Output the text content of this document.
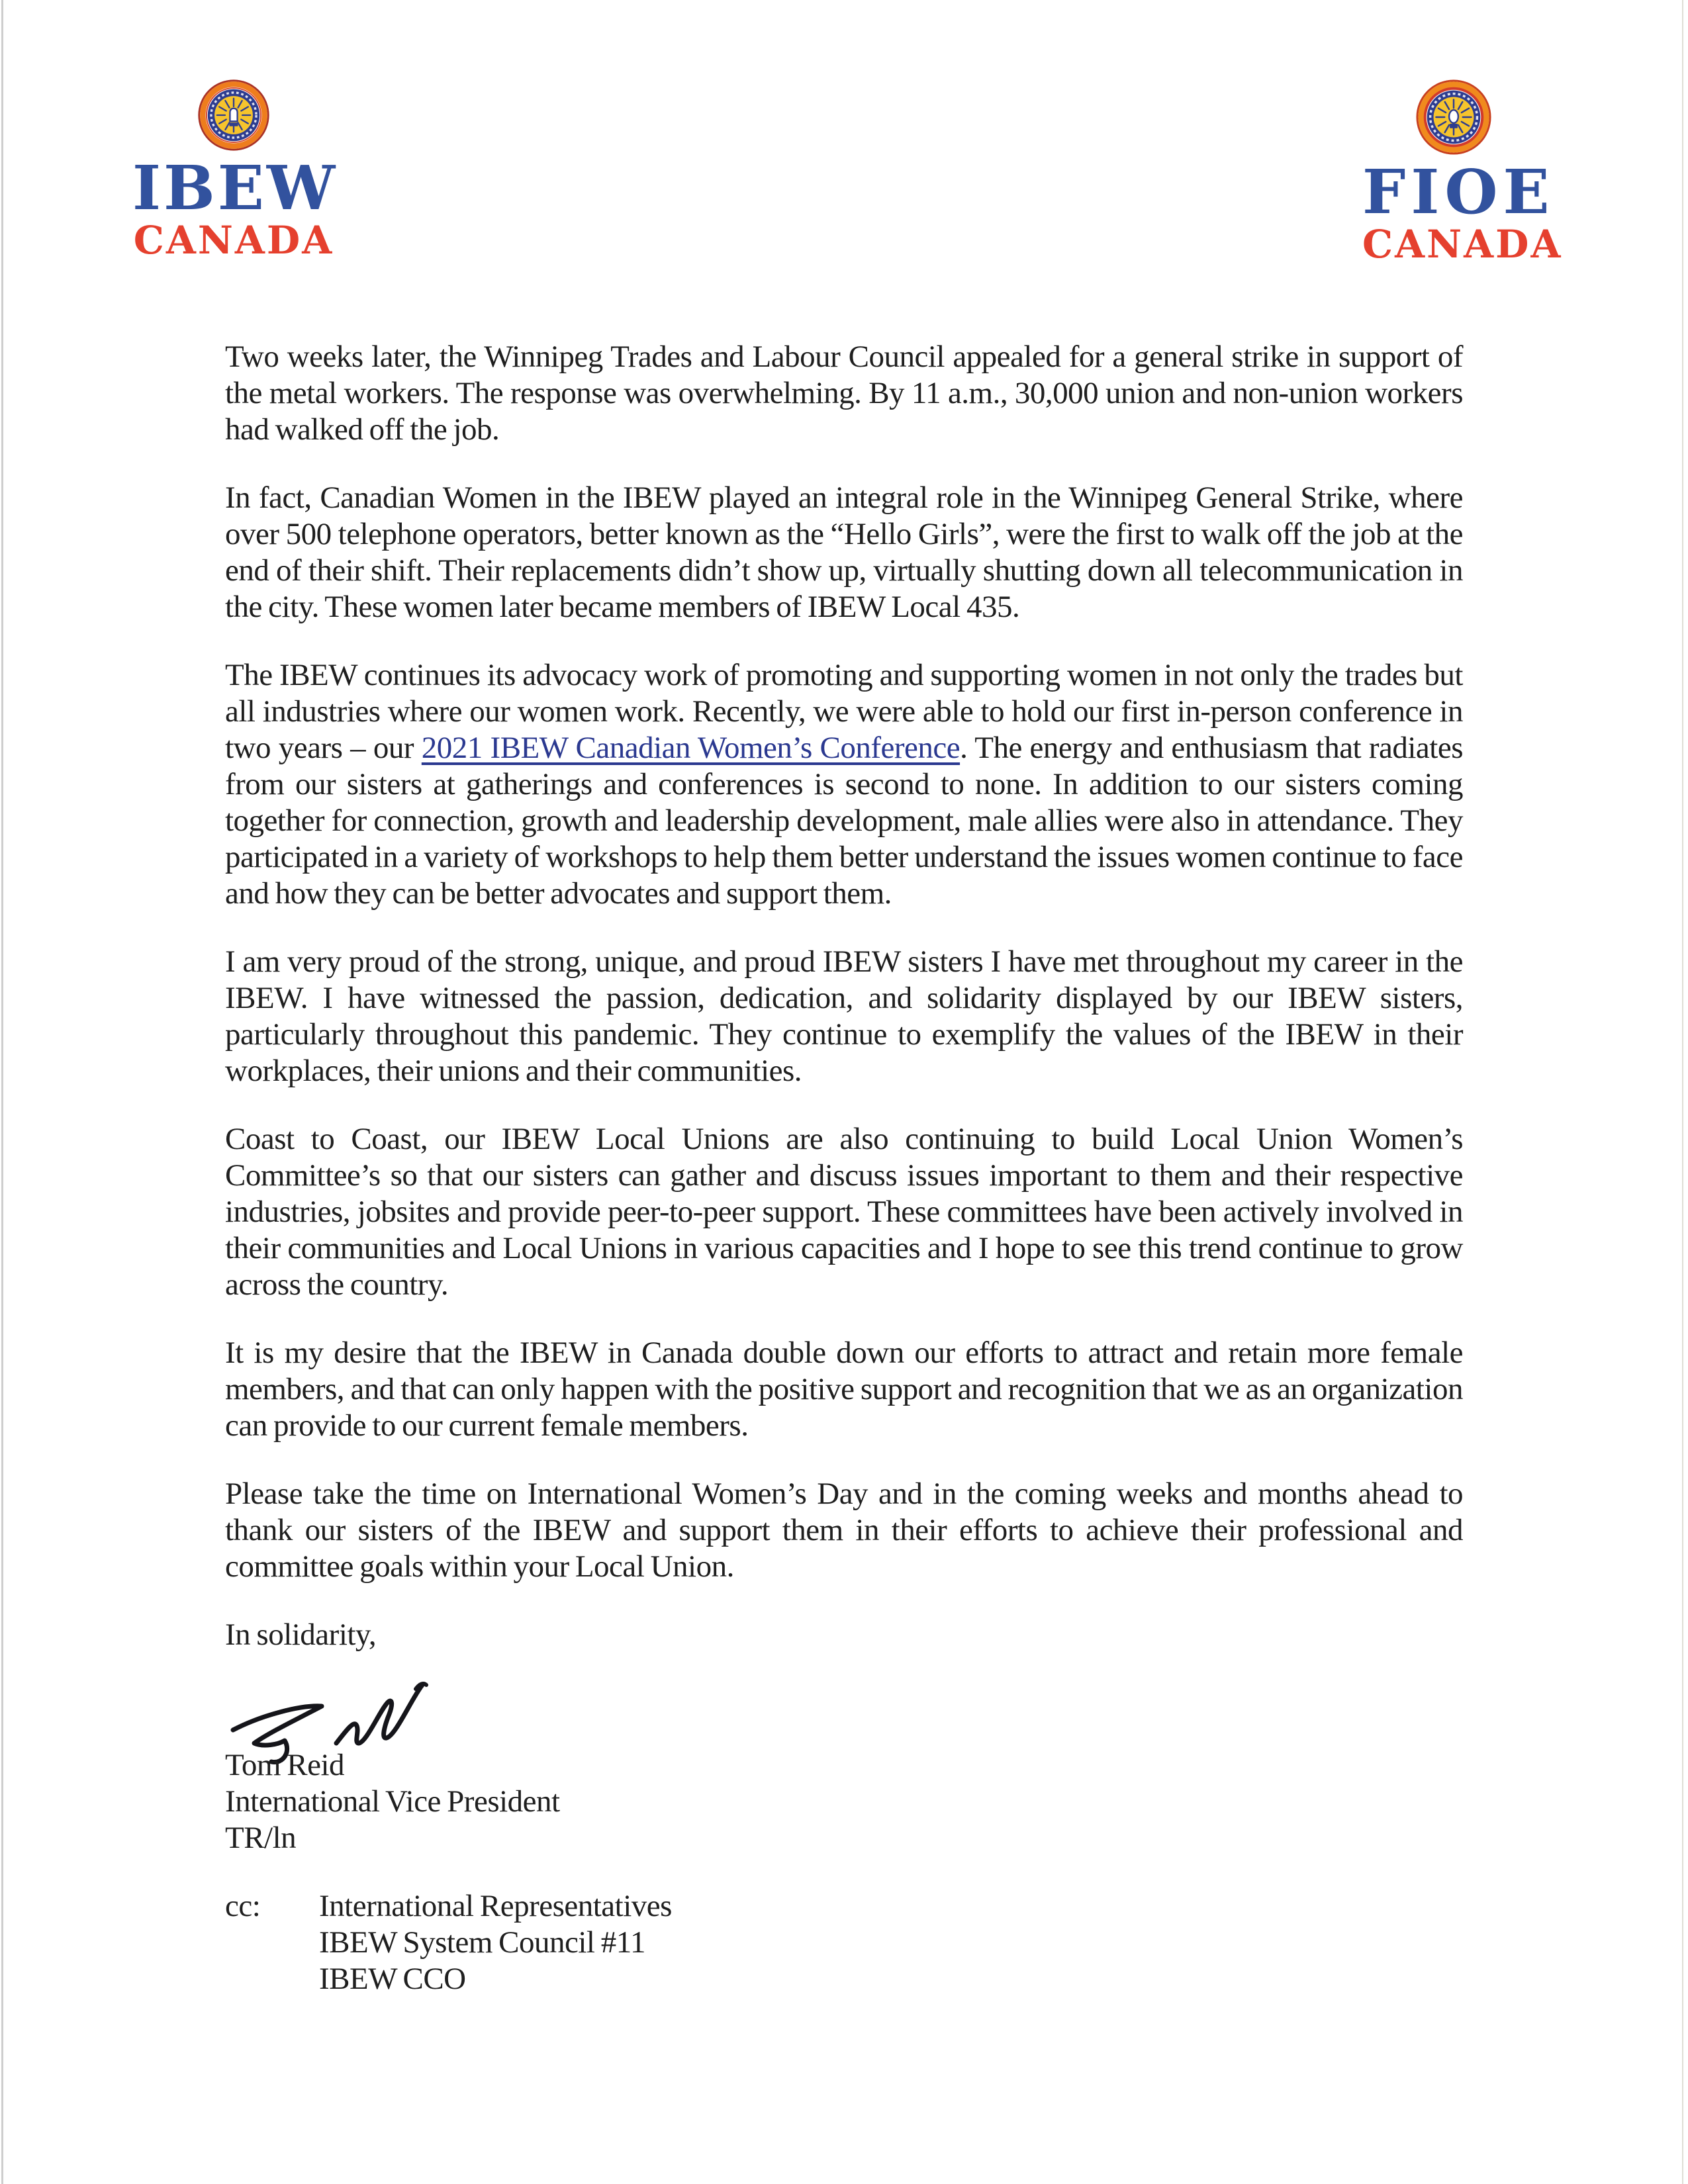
IBEW
CANADA
FIOE
CANADA

Two weeks later, the Winnipeg Trades and Labour Council appealed for a general strike in support of the metal workers. The response was overwhelming. By 11 a.m., 30,000 union and non-union workers had walked off the job.

In fact, Canadian Women in the IBEW played an integral role in the Winnipeg General Strike, where over 500 telephone operators, better known as the “Hello Girls”, were the first to walk off the job at the end of their shift. Their replacements didn’t show up, virtually shutting down all telecommunication in the city. These women later became members of IBEW Local 435.

The IBEW continues its advocacy work of promoting and supporting women in not only the trades but all industries where our women work. Recently, we were able to hold our first in-person conference in two years – our 2021 IBEW Canadian Women’s Conference. The energy and enthusiasm that radiates from our sisters at gatherings and conferences is second to none. In addition to our sisters coming together for connection, growth and leadership development, male allies were also in attendance. They participated in a variety of workshops to help them better understand the issues women continue to face and how they can be better advocates and support them.

I am very proud of the strong, unique, and proud IBEW sisters I have met throughout my career in the IBEW. I have witnessed the passion, dedication, and solidarity displayed by our IBEW sisters, particularly throughout this pandemic. They continue to exemplify the values of the IBEW in their workplaces, their unions and their communities.

Coast to Coast, our IBEW Local Unions are also continuing to build Local Union Women’s Committee’s so that our sisters can gather and discuss issues important to them and their respective industries, jobsites and provide peer-to-peer support. These committees have been actively involved in their communities and Local Unions in various capacities and I hope to see this trend continue to grow across the country.

It is my desire that the IBEW in Canada double down our efforts to attract and retain more female members, and that can only happen with the positive support and recognition that we as an organization can provide to our current female members.

Please take the time on International Women’s Day and in the coming weeks and months ahead to thank our sisters of the IBEW and support them in their efforts to achieve their professional and committee goals within your Local Union.

In solidarity,

Tom Reid

International Vice President

TR/ln

cc:	International Representatives
IBEW System Council #11
IBEW CCO
